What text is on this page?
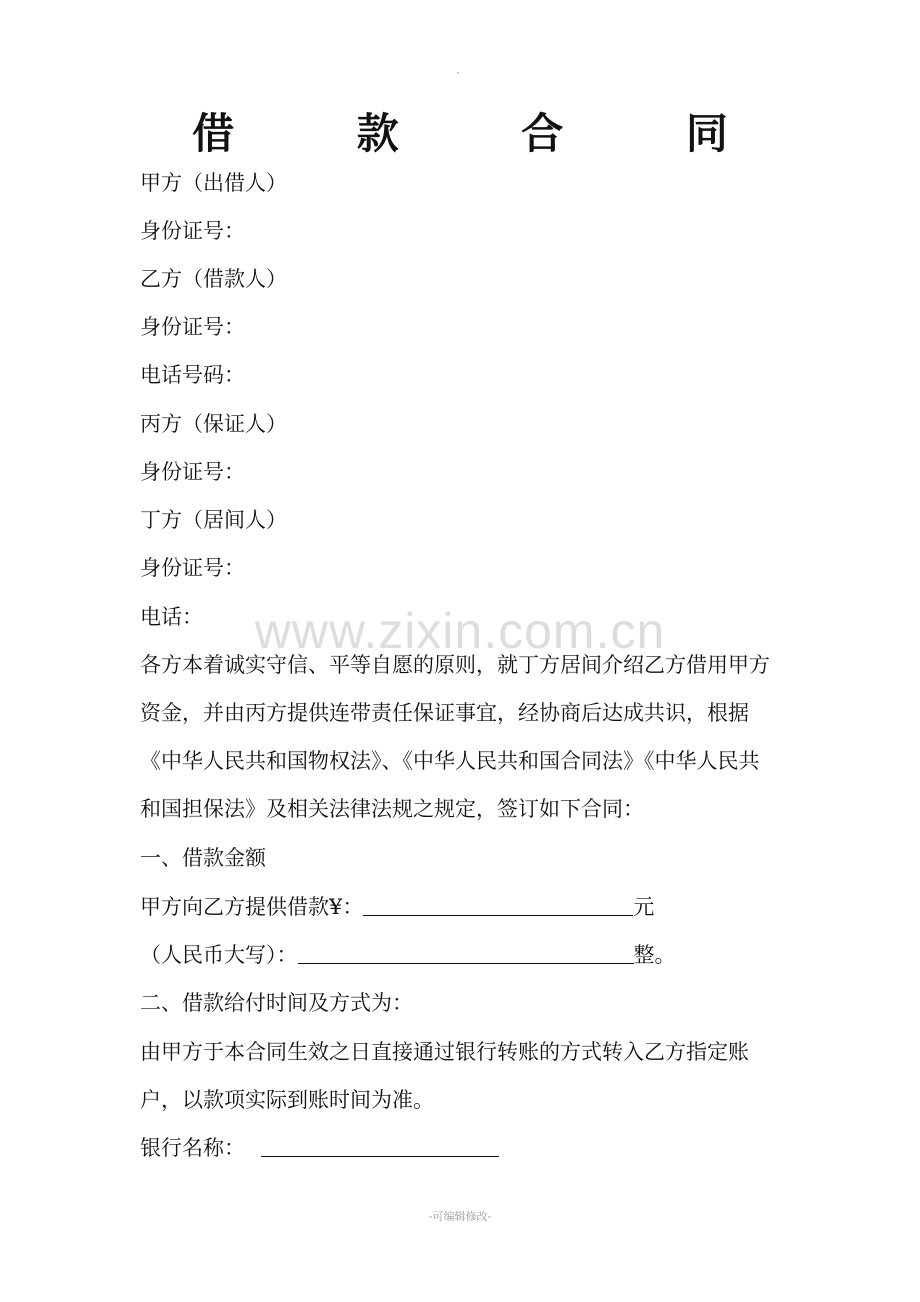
借 款 合 同
甲方（出借人）
身份证号：
乙方（借款人）
身份证号：
电话号码：
丙方（保证人）
身份证号：
丁方（居间人）
身份证号：
电话：	www.zixin.com.cn
各方本着诚实守信、平等自愿的原则，就丁方居间介绍乙方借用甲方
资金，并由丙方提供连带责任保证事宜，经协商后达成共识，根据
《中华人民共和国物权法》、《中华人民共和国合同法》《中华人民共
和国担保法》及相关法律法规之规定，签订如下合同：
一、借款金额
甲方向乙方提供借款¥：	元
（人民币大写）：	整。
二、借款给付时间及方式为：
由甲方于本合同生效之日直接通过银行转账的方式转入乙方指定账
户，以款项实际到账时间为准。
银行名称：
-可编辑修改-
